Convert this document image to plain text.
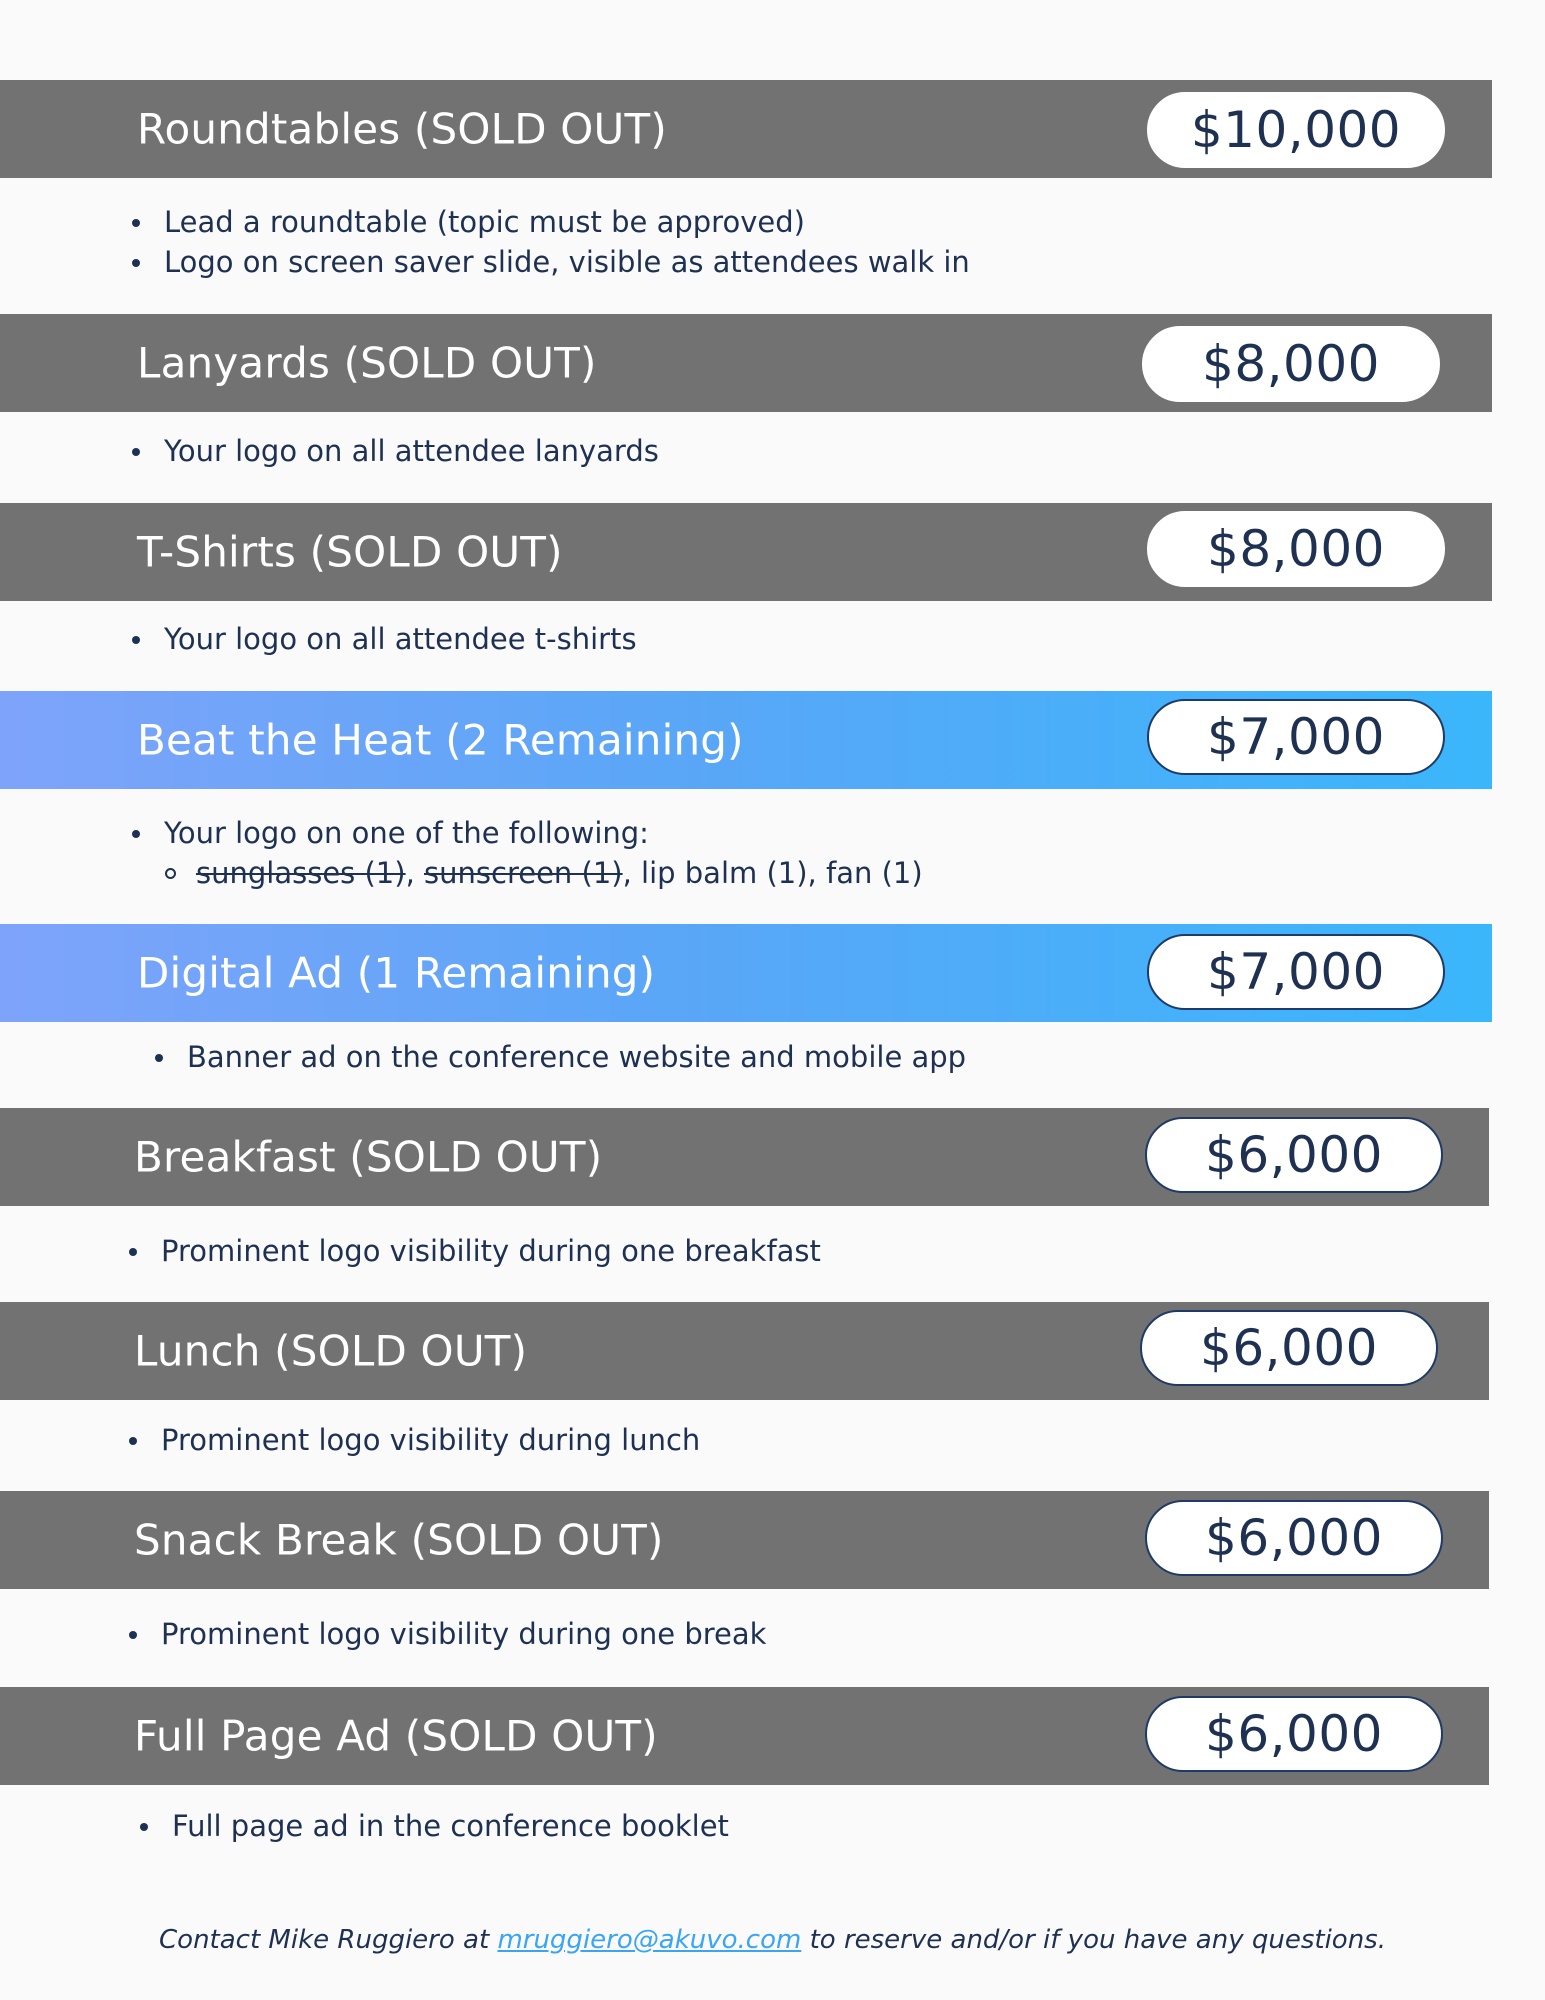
Roundtables (SOLD OUT)	$10,000
Lead a roundtable (topic must be approved)
Logo on screen saver slide, visible as attendees walk in
Lanyards (SOLD OUT)	$8,000
Your logo on all attendee lanyards
T-Shirts (SOLD OUT)	$8,000
Your logo on all attendee t-shirts
Beat the Heat (2 Remaining)	$7,000
Your logo on one of the following:
sunglasses (1), sunscreen (1), lip balm (1), fan (1)
Digital Ad (1 Remaining)	$7,000
Banner ad on the conference website and mobile app
Breakfast (SOLD OUT)	$6,000
Prominent logo visibility during one breakfast
Lunch (SOLD OUT)	$6,000
Prominent logo visibility during lunch
Snack Break (SOLD OUT)	$6,000
Prominent logo visibility during one break
Full Page Ad (SOLD OUT)	$6,000
Full page ad in the conference booklet
Contact Mike Ruggiero at mruggiero@akuvo.com to reserve and/or if you have any questions.
